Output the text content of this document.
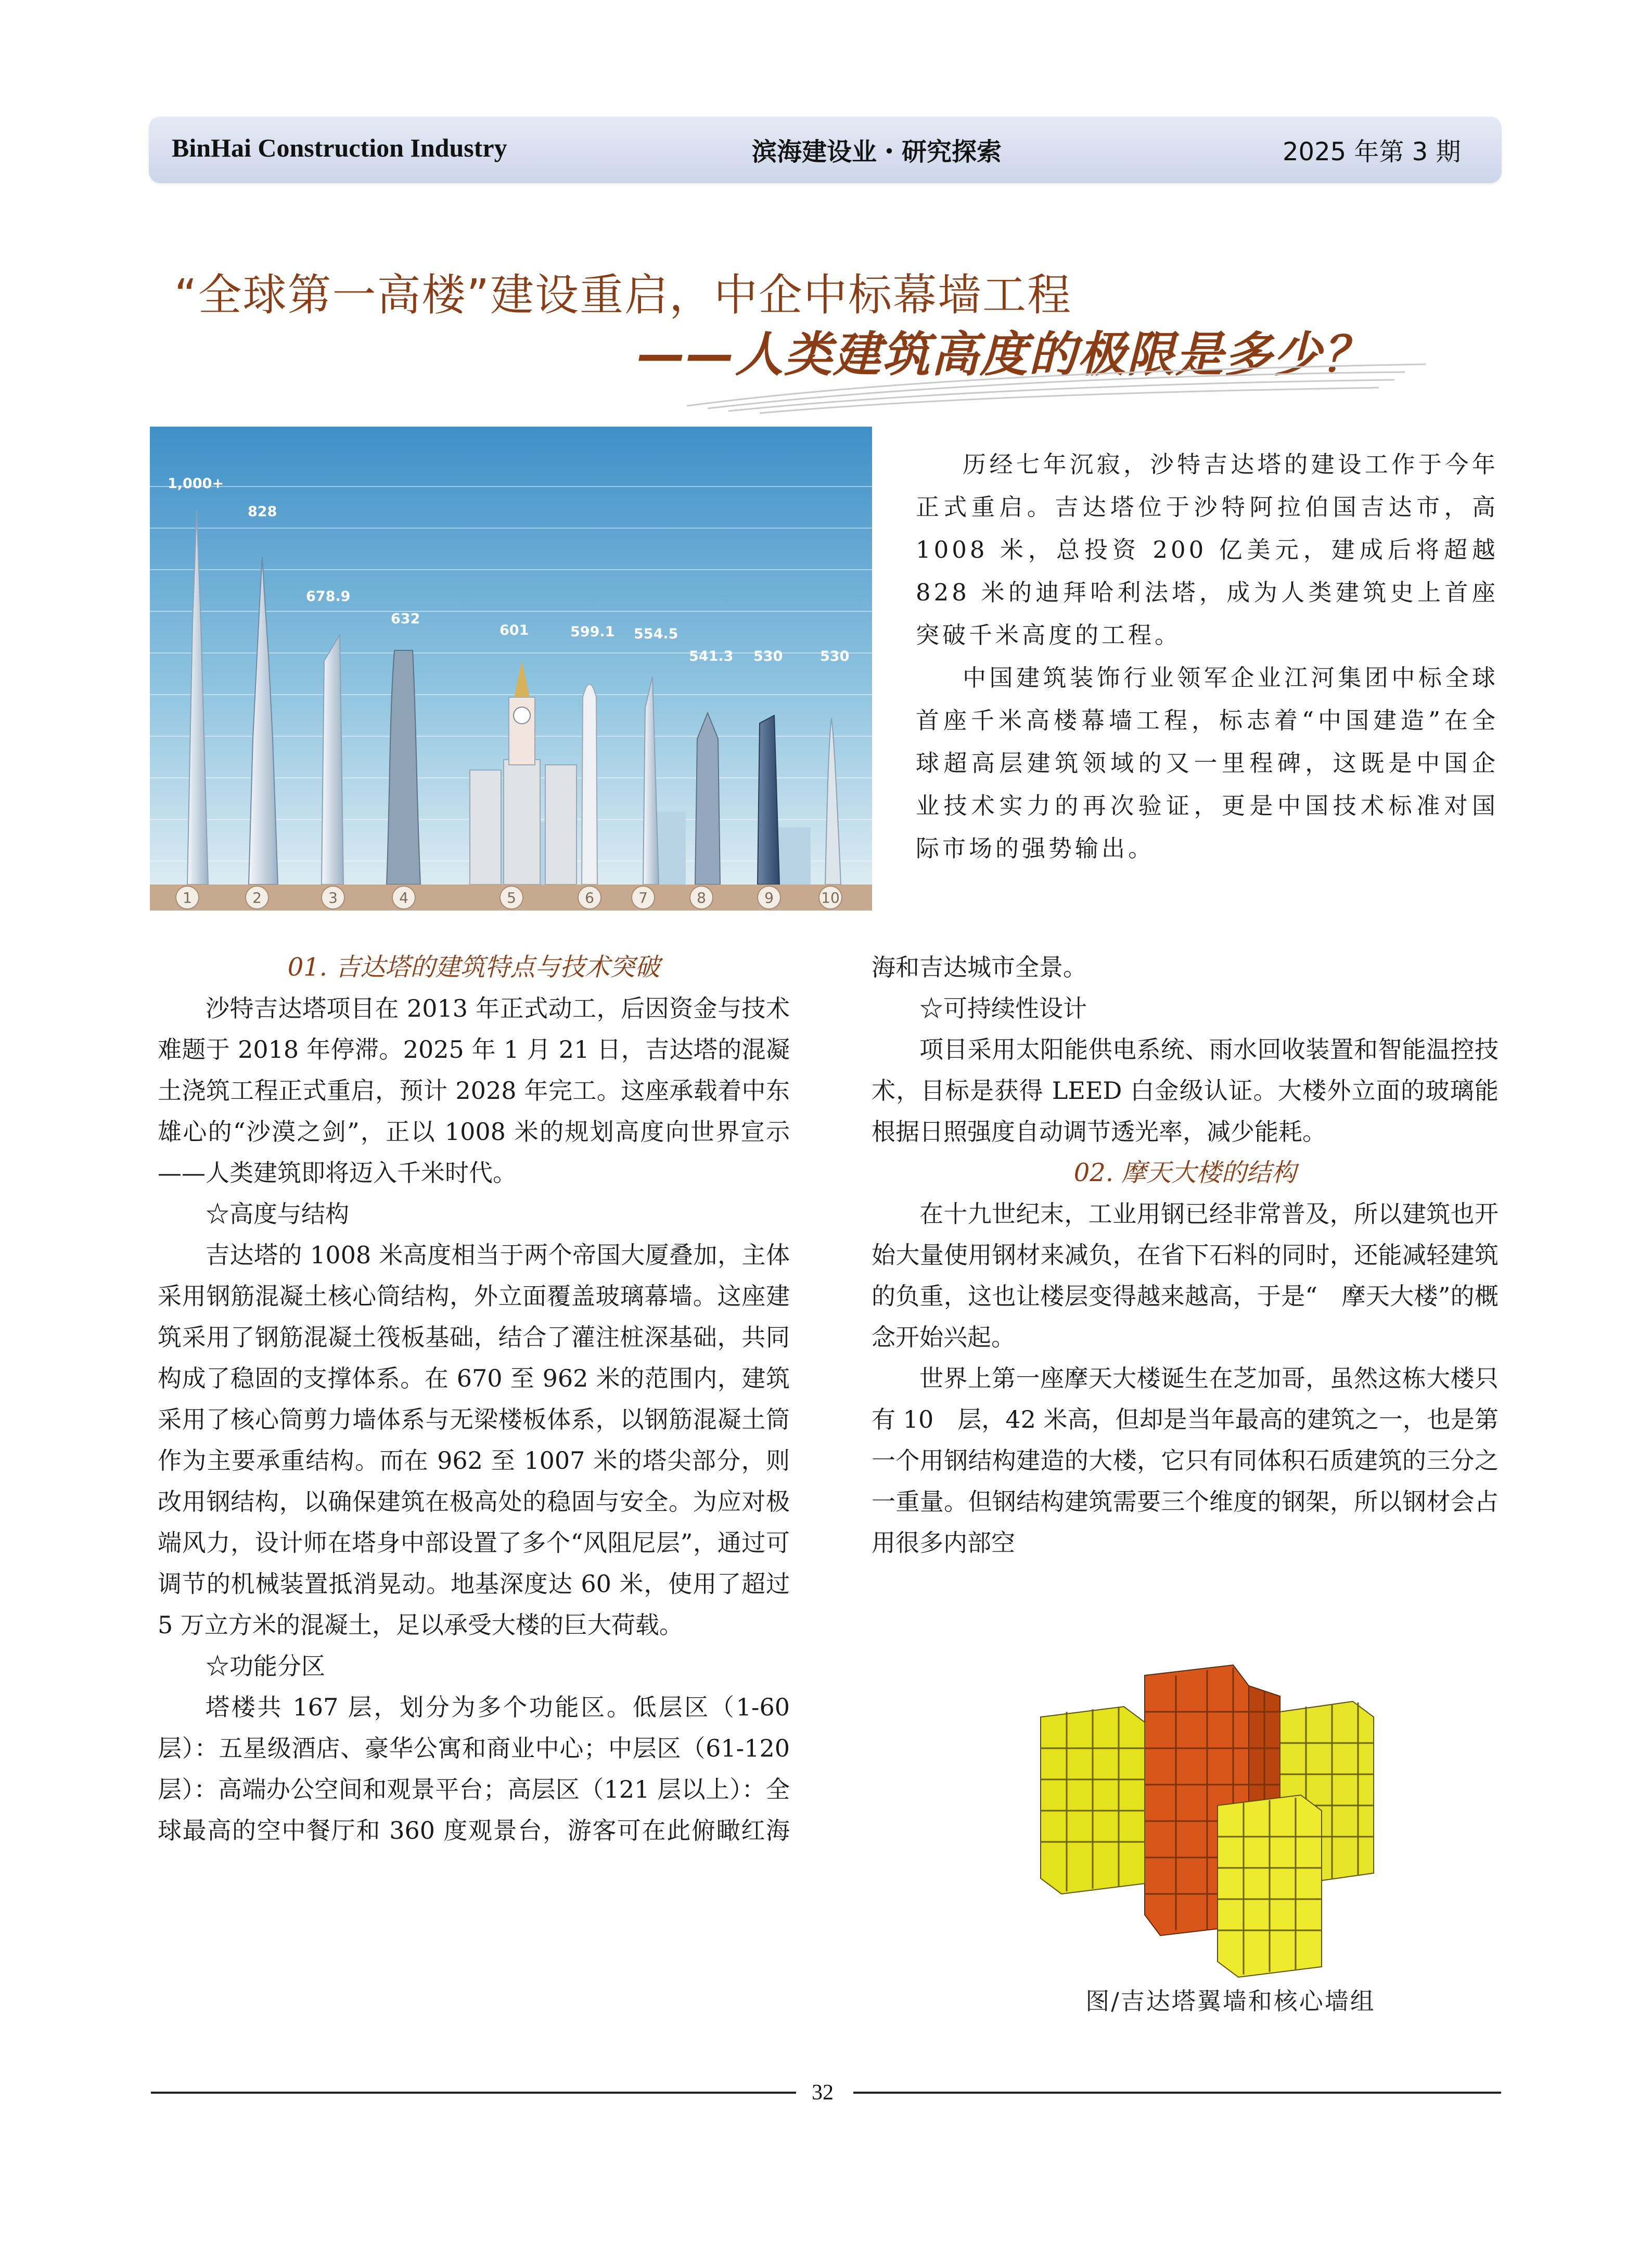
BinHai Construction Industry	滨海建设业・研究探索	2025 年第 3 期
“全球第一高楼”建设重启，中企中标幕墙工程
——人类建筑高度的极限是多少？
1,000+
828
678.9
632
601	599.1 554.5
541.3 530	530
1	2	3	4	5	6	7	8	9	10

历经七年沉寂，沙特吉达塔的建设工作于今年正式重启。吉达塔位于沙特阿拉伯国吉达市，高 1008 米，总投资 200 亿美元，建成后将超越 828 米的迪拜哈利法塔，成为人类建筑史上首座突破千米高度的工程。

中国建筑装饰行业领军企业江河集团中标全球首座千米高楼幕墙工程，标志着“中国建造”在全球超高层建筑领域的又一里程碑，这既是中国企业技术实力的再次验证，更是中国技术标准对国际市场的强势输出。

01. 吉达塔的建筑特点与技术突破

沙特吉达塔项目在 2013 年正式动工，后因资金与技术难题于 2018 年停滞。2025 年 1 月 21 日，吉达塔的混凝土浇筑工程正式重启，预计 2028 年完工。这座承载着中东雄心的“沙漠之剑”，正以 1008 米的规划高度向世界宣示——人类建筑即将迈入千米时代。

☆高度与结构

吉达塔的 1008 米高度相当于两个帝国大厦叠加，主体采用钢筋混凝土核心筒结构，外立面覆盖玻璃幕墙。这座建筑采用了钢筋混凝土筏板基础，结合了灌注桩深基础，共同构成了稳固的支撑体系。在 670 至 962 米的范围内，建筑采用了核心筒剪力墙体系与无梁楼板体系，以钢筋混凝土筒作为主要承重结构。而在 962 至 1007 米的塔尖部分，则改用钢结构，以确保建筑在极高处的稳固与安全。为应对极端风力，设计师在塔身中部设置了多个“风阻尼层”，通过可调节的机械装置抵消晃动。地基深度达 60 米，使用了超过 5 万立方米的混凝土，足以承受大楼的巨大荷载。

☆功能分区

塔楼共 167 层，划分为多个功能区。低层区（1-60 层）：五星级酒店、豪华公寓和商业中心；中层区（61-120 层）：高端办公空间和观景平台；高层区（121 层以上）：全球最高的空中餐厅和 360 度观景台，游客可在此俯瞰红海

海和吉达城市全景。

☆可持续性设计

项目采用太阳能供电系统、雨水回收装置和智能温控技术，目标是获得 LEED 白金级认证。大楼外立面的玻璃能根据日照强度自动调节透光率，减少能耗。

02. 摩天大楼的结构

在十九世纪末，工业用钢已经非常普及，所以建筑也开始大量使用钢材来减负，在省下石料的同时，还能减轻建筑的负重，这也让楼层变得越来越高，于是“　摩天大楼”的概念开始兴起。

世界上第一座摩天大楼诞生在芝加哥，虽然这栋大楼只有 10　层，42 米高，但却是当年最高的建筑之一，也是第一个用钢结构建造的大楼，它只有同体积石质建筑的三分之一重量。但钢结构建筑需要三个维度的钢架，所以钢材会占用很多内部空

图/吉达塔翼墙和核心墙组
32
